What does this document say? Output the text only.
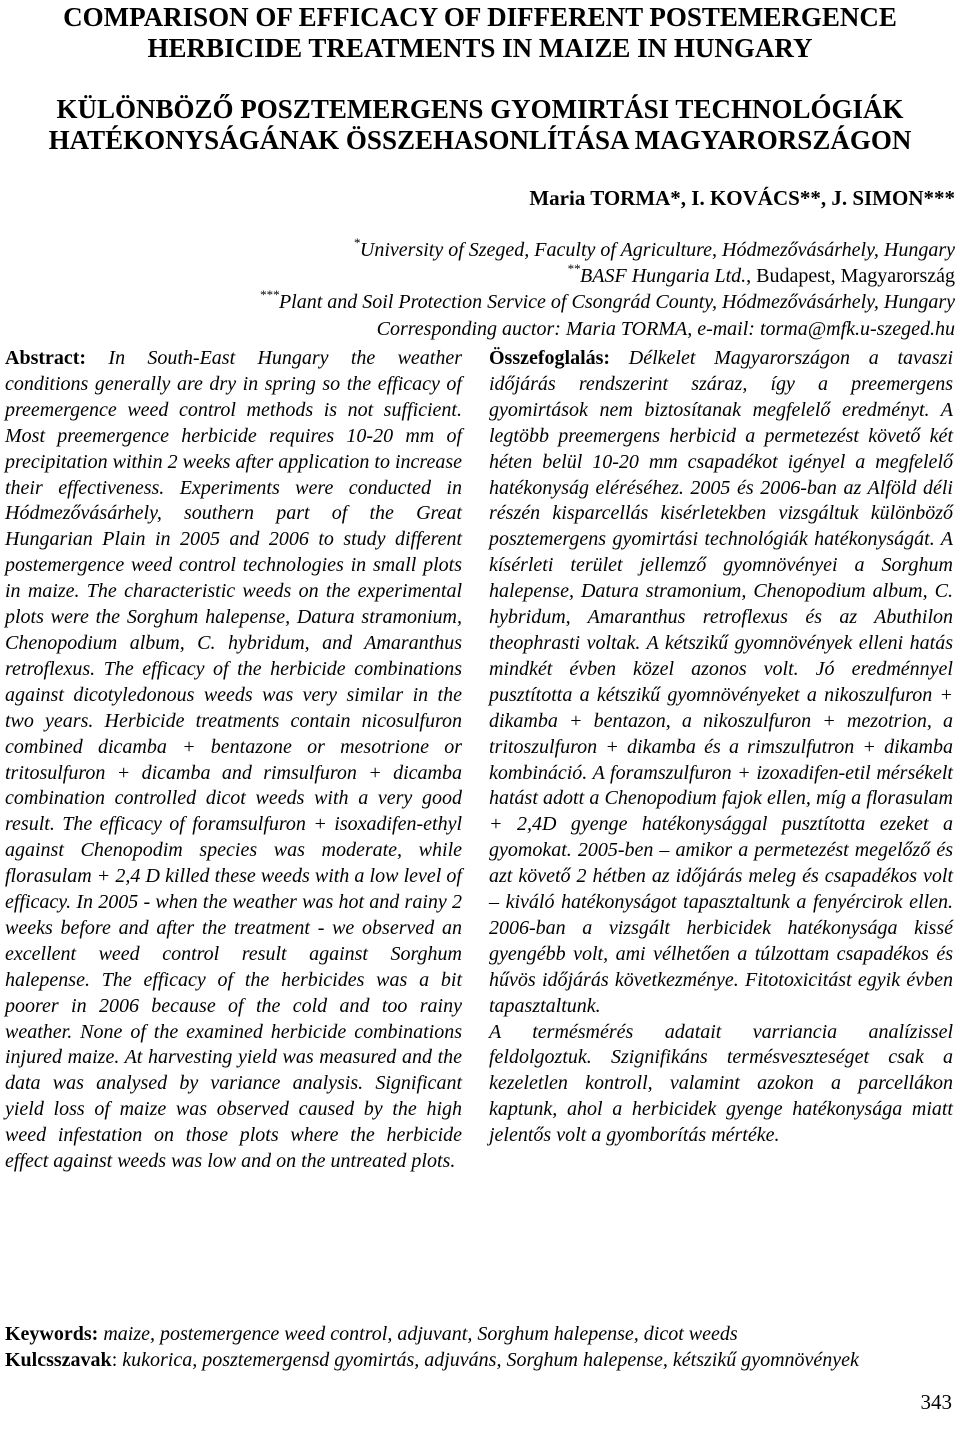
COMPARISON OF EFFICACY OF DIFFERENT POSTEMERGENCE HERBICIDE TREATMENTS IN MAIZE IN HUNGARY
KÜLÖNBÖZŐ POSZTEMERGENS GYOMIRTÁSI TECHNOLÓGIÁK HATÉKONYSÁGÁNAK ÖSSZEHASONLÍTÁSA MAGYARORSZÁGON

Maria TORMA*, I. KOVÁCS**, J. SIMON***

*University of Szeged, Faculty of Agriculture, Hódmezővásárhely, Hungary

**BASF Hungaria Ltd., Budapest, Magyarország

***Plant and Soil Protection Service of Csongrád County, Hódmezővásárhely, Hungary

Corresponding auctor: Maria TORMA, e-mail: torma@mfk.u-szeged.hu

Abstract: In South-East Hungary the weather conditions generally are dry in spring so the efficacy of preemergence weed control methods is not sufficient. Most preemergence herbicide requires 10-20 mm of precipitation within 2 weeks after application to increase their effectiveness. Experiments were conducted in Hódmezővásárhely, southern part of the Great Hungarian Plain in 2005 and 2006 to study different postemergence weed control technologies in small plots in maize. The characteristic weeds on the experimental plots were the Sorghum halepense, Datura stramonium, Chenopodium album, C. hybridum, and Amaranthus retroflexus. The efficacy of the herbicide combinations against dicotyledonous weeds was very similar in the two years. Herbicide treatments contain nicosulfuron combined dicamba + bentazone or mesotrione or tritosulfuron + dicamba and rimsulfuron + dicamba combination controlled dicot weeds with a very good result. The efficacy of foramsulfuron + isoxadifen-ethyl against Chenopodim species was moderate, while florasulam + 2,4 D killed these weeds with a low level of efficacy. In 2005 - when the weather was hot and rainy 2 weeks before and after the treatment - we observed an excellent weed control result against Sorghum halepense. The efficacy of the herbicides was a bit poorer in 2006 because of the cold and too rainy weather. None of the examined herbicide combinations injured maize. At harvesting yield was measured and the data was analysed by variance analysis. Significant yield loss of maize was observed caused by the high weed infestation on those plots where the herbicide effect against weeds was low and on the untreated plots.

Összefoglalás: Délkelet Magyarországon a tavaszi időjárás rendszerint száraz, így a preemergens gyomirtások nem biztosítanak megfelelő eredményt. A legtöbb preemergens herbicid a permetezést követő két héten belül 10-20 mm csapadékot igényel a megfelelő hatékonyság eléréséhez. 2005 és 2006-ban az Alföld déli részén kisparcellás kisérletekben vizsgáltuk különböző posztemergens gyomirtási technológiák hatékonyságát. A kísérleti terület jellemző gyomnövényei a Sorghum halepense, Datura stramonium, Chenopodium album, C. hybridum, Amaranthus retroflexus és az Abuthilon theophrasti voltak. A kétszikű gyomnövények elleni hatás mindkét évben közel azonos volt. Jó eredménnyel pusztította a kétszikű gyomnövényeket a nikoszulfuron + dikamba + bentazon, a nikoszulfuron + mezotrion, a tritoszulfuron + dikamba és a rimszulfutron + dikamba kombináció. A foramszulfuron + izoxadifen-etil mérsékelt hatást adott a Chenopodium fajok ellen, míg a florasulam + 2,4D gyenge hatékonysággal pusztította ezeket a gyomokat. 2005-ben – amikor a permetezést megelőző és azt követő 2 hétben az időjárás meleg és csapadékos volt – kiváló hatékonyságot tapasztaltunk a fenyércirok ellen. 2006-ban a vizsgált herbicidek hatékonysága kissé gyengébb volt, ami vélhetően a túlzottam csapadékos és hűvös időjárás következménye. Fitotoxicitást egyik évben tapasztaltunk.

A termésmérés adatait varriancia analízissel feldolgoztuk. Szignifikáns termésveszteséget csak a kezeletlen kontroll, valamint azokon a parcellákon kaptunk, ahol a herbicidek gyenge hatékonysága miatt jelentős volt a gyomborítás mértéke.

Keywords: maize, postemergence weed control, adjuvant, Sorghum halepense, dicot weeds

Kulcsszavak: kukorica, posztemergensd gyomirtás, adjuváns, Sorghum halepense, kétszikű gyomnövények

343
